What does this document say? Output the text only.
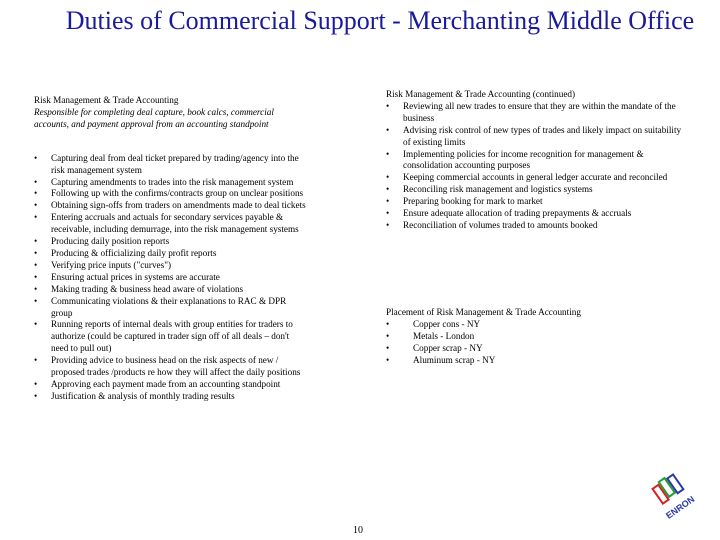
Duties of Commercial Support - Merchanting Middle Office
Risk Management & Trade Accounting
Responsible for completing deal capture, book calcs, commercial accounts, and payment approval from an accounting standpoint
• Capturing deal from deal ticket prepared by trading/agency into the risk management system
• Capturing amendments to trades into the risk management system
• Following up with the confirms/contracts group on unclear positions
• Obtaining sign-offs from traders on amendments made to deal tickets
• Entering accruals and actuals for secondary services payable & receivable, including demurrage, into the risk management systems
• Producing daily position reports
• Producing & officializing daily profit reports
• Verifying price inputs ("curves")
• Ensuring actual prices in systems are accurate
• Making trading & business head aware of violations
• Communicating violations & their explanations to RAC & DPR group
• Running reports of internal deals with group entities for traders to authorize (could be captured in trader sign off of all deals – don't need to pull out)
• Providing advice to business head on the risk aspects of new / proposed trades /products re how they will affect the daily positions
• Approving each payment made from an accounting standpoint
• Justification & analysis of monthly trading results
Risk Management & Trade Accounting (continued)
• Reviewing all new trades to ensure that they are within the mandate of the business
• Advising risk control of new types of trades and likely impact on suitability of existing limits
• Implementing policies for income recognition for management & consolidation accounting purposes
• Keeping commercial accounts in general ledger accurate and reconciled
• Reconciling risk management and logistics systems
• Preparing booking for mark to market
• Ensure adequate allocation of trading prepayments & accruals
• Reconciliation of volumes traded to amounts booked
Placement of Risk Management & Trade Accounting
•	Copper cons - NY
•	Metals - London
•	Copper scrap - NY
•	Aluminum scrap - NY
10
ENRON
